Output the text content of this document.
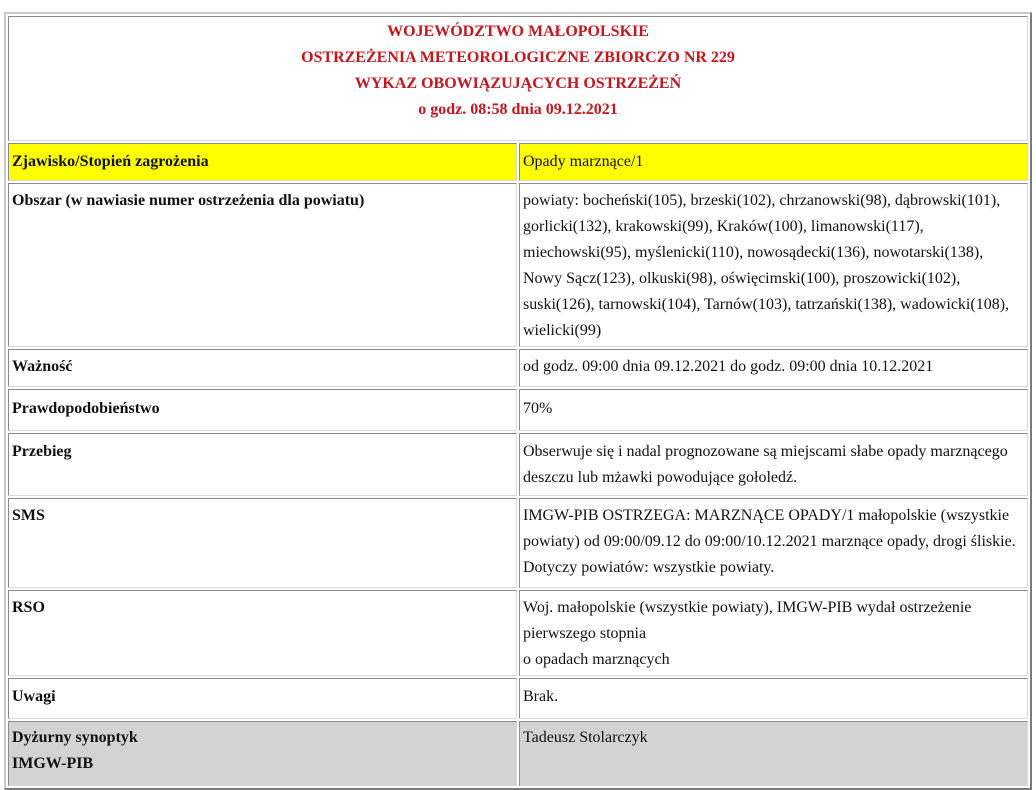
WOJEWÓDZTWO MAŁOPOLSKIE
OSTRZEŻENIA METEOROLOGICZNE ZBIORCZO NR 229
WYKAZ OBOWIĄZUJĄCYCH OSTRZEŻEŃ
o godz. 08:58 dnia 09.12.2021	

Zjawisko/Stopień zagrożenia	Opady marznące/1
Obszar (w nawiasie numer ostrzeżenia dla powiatu)	powiaty: bocheński(105), brzeski(102), chrzanowski(98), dąbrowski(101), gorlicki(132), krakowski(99), Kraków(100), limanowski(117), miechowski(95), myślenicki(110), nowosądecki(136), nowotarski(138), Nowy Sącz(123), olkuski(98), oświęcimski(100), proszowicki(102), suski(126), tarnowski(104), Tarnów(103), tatrzański(138), wadowicki(108), wielicki(99)
Ważność	od godz. 09:00 dnia 09.12.2021 do godz. 09:00 dnia 10.12.2021
Prawdopodobieństwo	70%
Przebieg	Obserwuje się i nadal prognozowane są miejscami słabe opady marznącego deszczu lub mżawki powodujące gołoledź.
SMS	IMGW-PIB OSTRZEGA: MARZNĄCE OPADY/1 małopolskie (wszystkie powiaty) od 09:00/09.12 do 09:00/10.12.2021 marznące opady, drogi śliskie. Dotyczy powiatów: wszystkie powiaty.
RSO	Woj. małopolskie (wszystkie powiaty), IMGW-PIB wydał ostrzeżenie pierwszego stopnia
o opadach marznących

Uwagi	Brak.

Dyżurny synoptyk
IMGW-PIB	Tadeusz Stolarczyk
